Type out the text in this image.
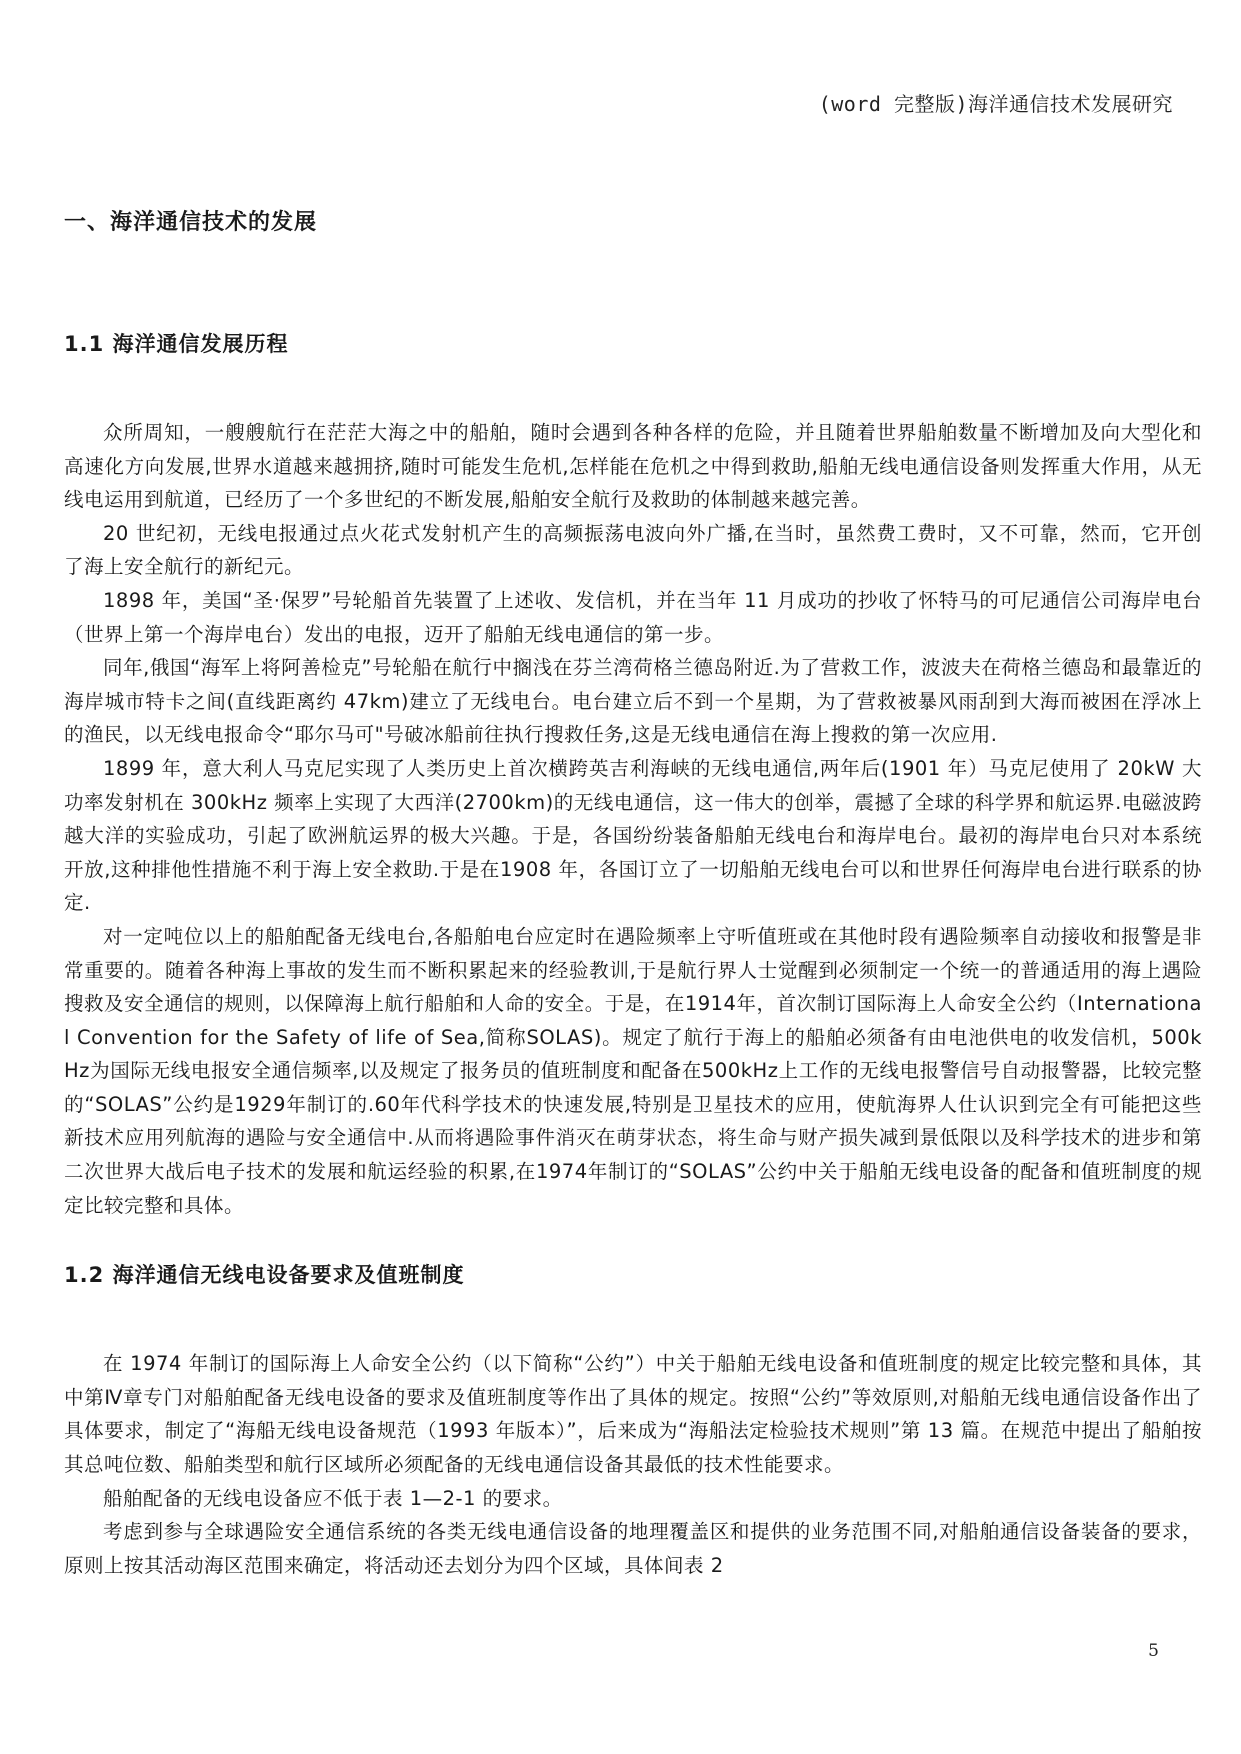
(word 完整版)海洋通信技术发展研究
一、海洋通信技术的发展
1.1 海洋通信发展历程

众所周知，一艘艘航行在茫茫大海之中的船舶，随时会遇到各种各样的危险，并且随着世界船舶数量不断增加及向大型化和高速化方向发展,世界水道越来越拥挤,随时可能发生危机,怎样能在危机之中得到救助,船舶无线电通信设备则发挥重大作用，从无线电运用到航道，已经历了一个多世纪的不断发展,船舶安全航行及救助的体制越来越完善。

20 世纪初，无线电报通过点火花式发射机产生的高频振荡电波向外广播,在当时，虽然费工费时，又不可靠，然而，它开创了海上安全航行的新纪元。

1898 年，美国“圣·保罗”号轮船首先装置了上述收、发信机，并在当年 11 月成功的抄收了怀特马的可尼通信公司海岸电台（世界上第一个海岸电台）发出的电报，迈开了船舶无线电通信的第一步。

同年,俄国“海军上将阿善检克”号轮船在航行中搁浅在芬兰湾荷格兰德岛附近.为了营救工作，波波夫在荷格兰德岛和最靠近的海岸城市特卡之间(直线距离约 47km)建立了无线电台。电台建立后不到一个星期，为了营救被暴风雨刮到大海而被困在浮冰上的渔民，以无线电报命令“耶尔马可"号破冰船前往执行搜救任务,这是无线电通信在海上搜救的第一次应用.

1899 年，意大利人马克尼实现了人类历史上首次横跨英吉利海峡的无线电通信,两年后(1901 年）马克尼使用了 20kW 大功率发射机在 300kHz 频率上实现了大西洋(2700km)的无线电通信，这一伟大的创举，震撼了全球的科学界和航运界.电磁波跨越大洋的实验成功，引起了欧洲航运界的极大兴趣。于是，各国纷纷装备船舶无线电台和海岸电台。最初的海岸电台只对本系统开放,这种排他性措施不利于海上安全救助.于是在1908 年，各国订立了一切船舶无线电台可以和世界任何海岸电台进行联系的协定.

对一定吨位以上的船舶配备无线电台,各船舶电台应定时在遇险频率上守听值班或在其他时段有遇险频率自动接收和报警是非常重要的。随着各种海上事故的发生而不断积累起来的经验教训,于是航行界人士觉醒到必须制定一个统一的普通适用的海上遇险搜救及安全通信的规则，以保障海上航行船舶和人命的安全。于是，在1914年，首次制订国际海上人命安全公约（International Convention for the Safety of life of Sea,简称SOLAS)。规定了航行于海上的船舶必须备有由电池供电的收发信机，500kHz为国际无线电报安全通信频率,以及规定了报务员的值班制度和配备在500kHz上工作的无线电报警信号自动报警器，比较完整的“SOLAS”公约是1929年制订的.60年代科学技术的快速发展,特别是卫星技术的应用，使航海界人仕认识到完全有可能把这些新技术应用列航海的遇险与安全通信中.从而将遇险事件消灭在萌芽状态，将生命与财产损失减到景低限以及科学技术的进步和第二次世界大战后电子技术的发展和航运经验的积累,在1974年制订的“SOLAS”公约中关于船舶无线电设备的配备和值班制度的规定比较完整和具体。

1.2 海洋通信无线电设备要求及值班制度

在 1974 年制订的国际海上人命安全公约（以下简称“公约”）中关于船舶无线电设备和值班制度的规定比较完整和具体，其中第Ⅳ章专门对船舶配备无线电设备的要求及值班制度等作出了具体的规定。按照“公约”等效原则,对船舶无线电通信设备作出了具体要求，制定了“海船无线电设备规范（1993 年版本）”，后来成为“海船法定检验技术规则”第 13 篇。在规范中提出了船舶按其总吨位数、船舶类型和航行区域所必须配备的无线电通信设备其最低的技术性能要求。

船舶配备的无线电设备应不低于表 1—2-1 的要求。

考虑到参与全球遇险安全通信系统的各类无线电通信设备的地理覆盖区和提供的业务范围不同,对船舶通信设备装备的要求，原则上按其活动海区范围来确定，将活动还去划分为四个区域，具体间表 2

5
